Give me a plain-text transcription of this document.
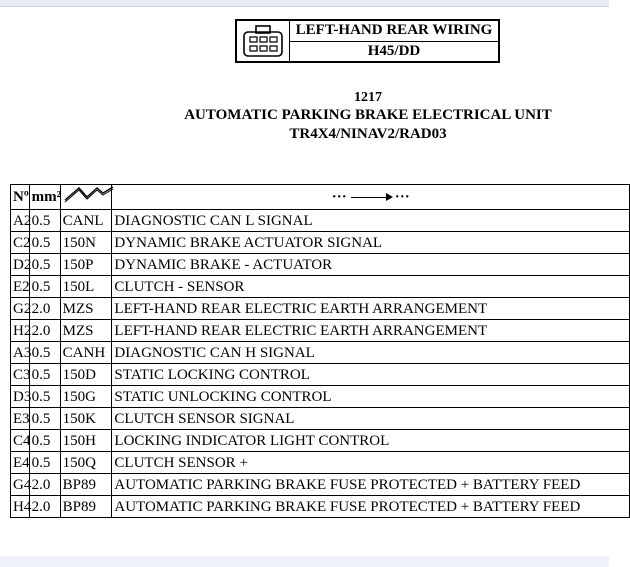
LEFT-HAND REAR WIRING
H45/DD
1217
AUTOMATIC PARKING BRAKE ELECTRICAL UNIT
TR4X4/NINAV2/RAD03
Nº	mm²		··· ···
A2	0.5	CANL	DIAGNOSTIC CAN L SIGNAL
C2	0.5	150N	DYNAMIC BRAKE ACTUATOR SIGNAL
D2	0.5	150P	DYNAMIC BRAKE - ACTUATOR
E2	0.5	150L	CLUTCH - SENSOR
G2	2.0	MZS	LEFT-HAND REAR ELECTRIC EARTH ARRANGEMENT
H2	2.0	MZS	LEFT-HAND REAR ELECTRIC EARTH ARRANGEMENT
A3	0.5	CANH	DIAGNOSTIC CAN H SIGNAL
C3	0.5	150D	STATIC LOCKING CONTROL
D3	0.5	150G	STATIC UNLOCKING CONTROL
E3	0.5	150K	CLUTCH SENSOR SIGNAL
C4	0.5	150H	LOCKING INDICATOR LIGHT CONTROL
E4	0.5	150Q	CLUTCH SENSOR +
G4	2.0	BP89	AUTOMATIC PARKING BRAKE FUSE PROTECTED + BATTERY FEED
H4	2.0	BP89	AUTOMATIC PARKING BRAKE FUSE PROTECTED + BATTERY FEED
